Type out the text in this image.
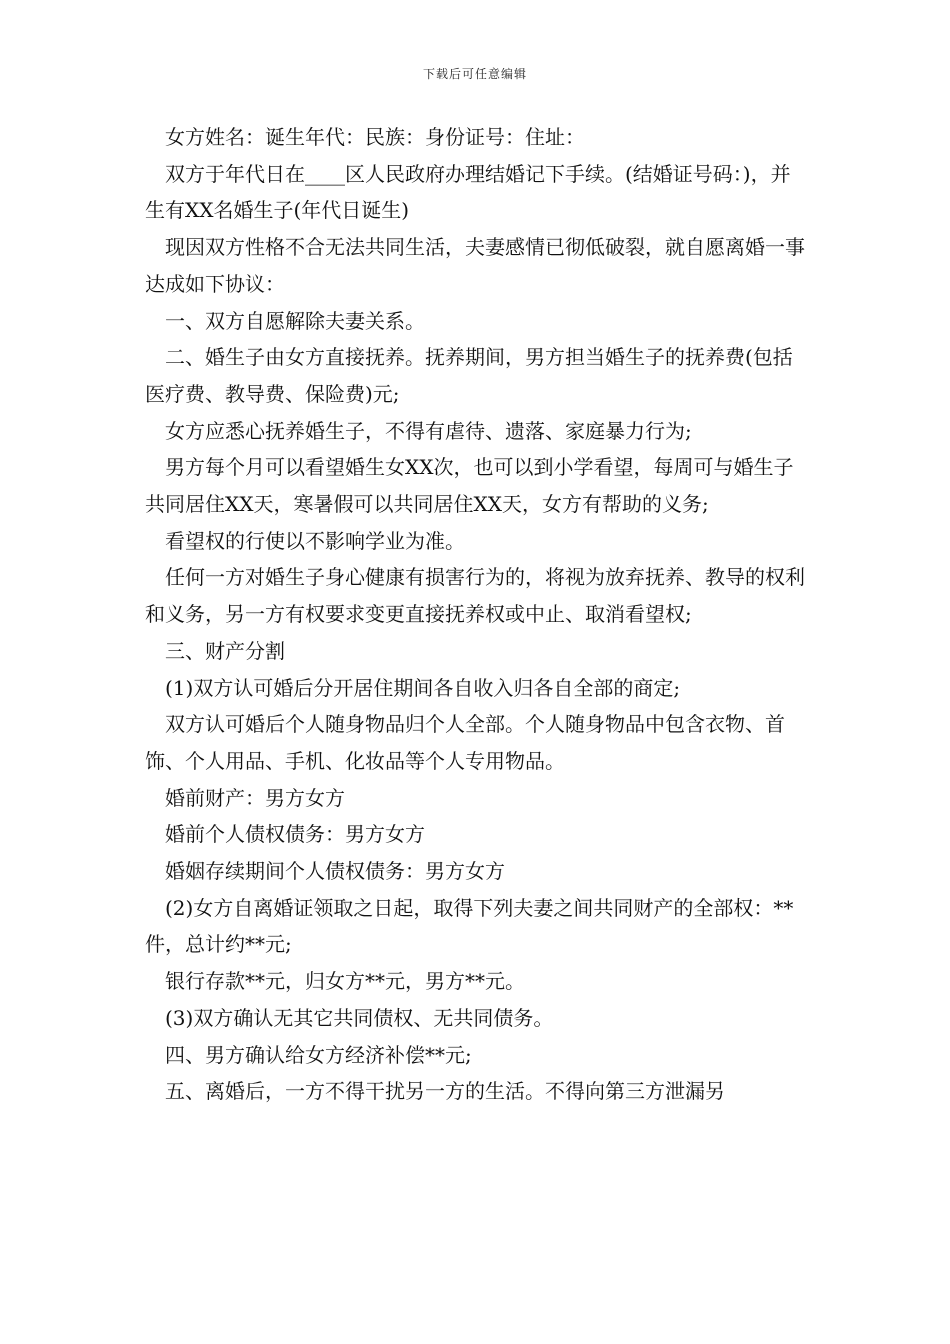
下载后可任意编辑

女方姓名：诞生年代：民族：身份证号：住址：

双方于年代日在____区人民政府办理结婚记下手续。(结婚证号码：)，并生有XX名婚生子(年代日诞生)

现因双方性格不合无法共同生活，夫妻感情已彻低破裂，就自愿离婚一事达成如下协议：

一、双方自愿解除夫妻关系。

二、婚生子由女方直接抚养。抚养期间，男方担当婚生子的抚养费(包括医疗费、教导费、保险费)元;

女方应悉心抚养婚生子，不得有虐待、遗落、家庭暴力行为;

男方每个月可以看望婚生女XX次，也可以到小学看望，每周可与婚生子共同居住XX天，寒暑假可以共同居住XX天，女方有帮助的义务;

看望权的行使以不影响学业为准。

任何一方对婚生子身心健康有损害行为的，将视为放弃抚养、教导的权利和义务，另一方有权要求变更直接抚养权或中止、取消看望权;

三、财产分割

(1)双方认可婚后分开居住期间各自收入归各自全部的商定;

双方认可婚后个人随身物品归个人全部。个人随身物品中包含衣物、首饰、个人用品、手机、化妆品等个人专用物品。

婚前财产：男方女方

婚前个人债权债务：男方女方

婚姻存续期间个人债权债务：男方女方

(2)女方自离婚证领取之日起，取得下列夫妻之间共同财产的全部权：**件，总计约**元;

银行存款**元，归女方**元，男方**元。

(3)双方确认无其它共同债权、无共同债务。

四、男方确认给女方经济补偿**元;

五、离婚后，一方不得干扰另一方的生活。不得向第三方泄漏另
